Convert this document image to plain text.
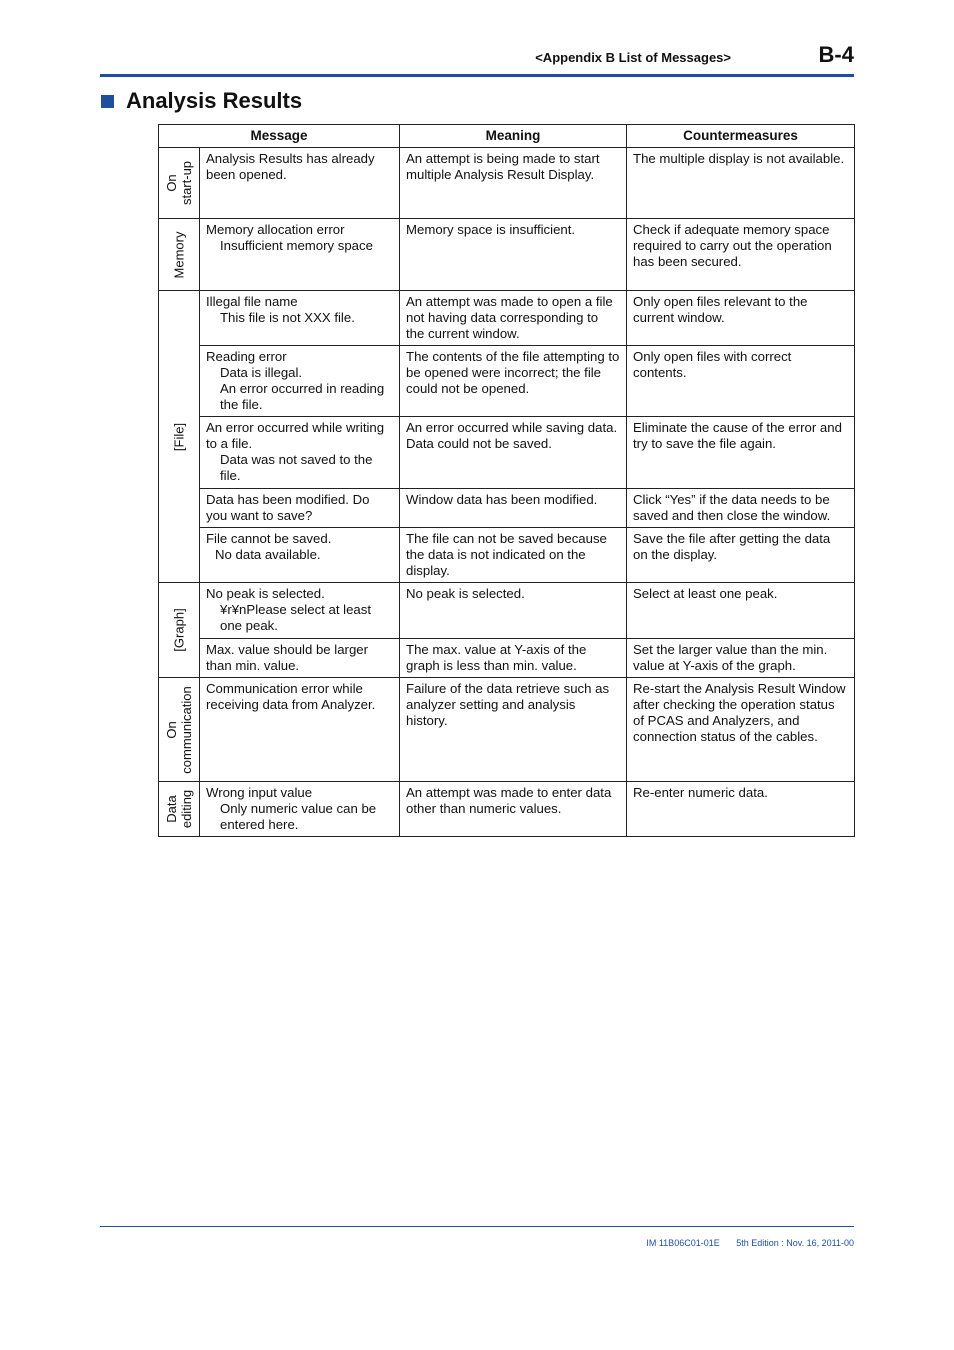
<Appendix B List of Messages>	B-4
Analysis Results
Message		Meaning	Countermeasures

On start-up	Analysis Results has already
been opened.	An attempt is being made to start multiple Analysis Result Display.	The multiple display is not available.

Memory	Memory allocation error
Insufficient memory space	Memory space is insufficient.	Check if adequate memory space required to carry out the operation has been secured.

[File]	Illegal file name
This file is not XXX file.	An attempt was made to open a file not having data corresponding to the current window.	Only open files relevant to the current window.

	Reading error
Data is illegal.
An error occurred in reading the file.	The contents of the file attempting to be opened were incorrect; the file could not be opened.	Only open files with correct contents.

	An error occurred while writing to a file.
Data was not saved to the file.	An error occurred while saving data. Data could not be saved.	Eliminate the cause of the error and try to save the file again.

	Data has been modified. Do you want to save?	Window data has been modified.	Click “Yes” if the data needs to be saved and then close the window.

	File cannot be saved.
No data available.	The file can not be saved because the data is not indicated on the display.	Save the file after getting the data on the display.

[Graph]	No peak is selected.
¥r¥nPlease select at least one peak.	No peak is selected.	Select at least one peak.

	Max. value should be larger than min. value.	The max. value at Y-axis of the graph is less than min. value.	Set the larger value than the min. value at Y-axis of the graph.

On communication	Communication error while receiving data from Analyzer.	Failure of the data retrieve such as analyzer setting and analysis history.	Re-start the Analysis Result Window after checking the operation status of PCAS and Analyzers, and connection status of the cables.

Data editing	Wrong input value
Only numeric value can be entered here.	An attempt was made to enter data other than numeric values.	Re-enter numeric data.
IM 11B06C01-01E 5th Edition : Nov. 16, 2011-00
